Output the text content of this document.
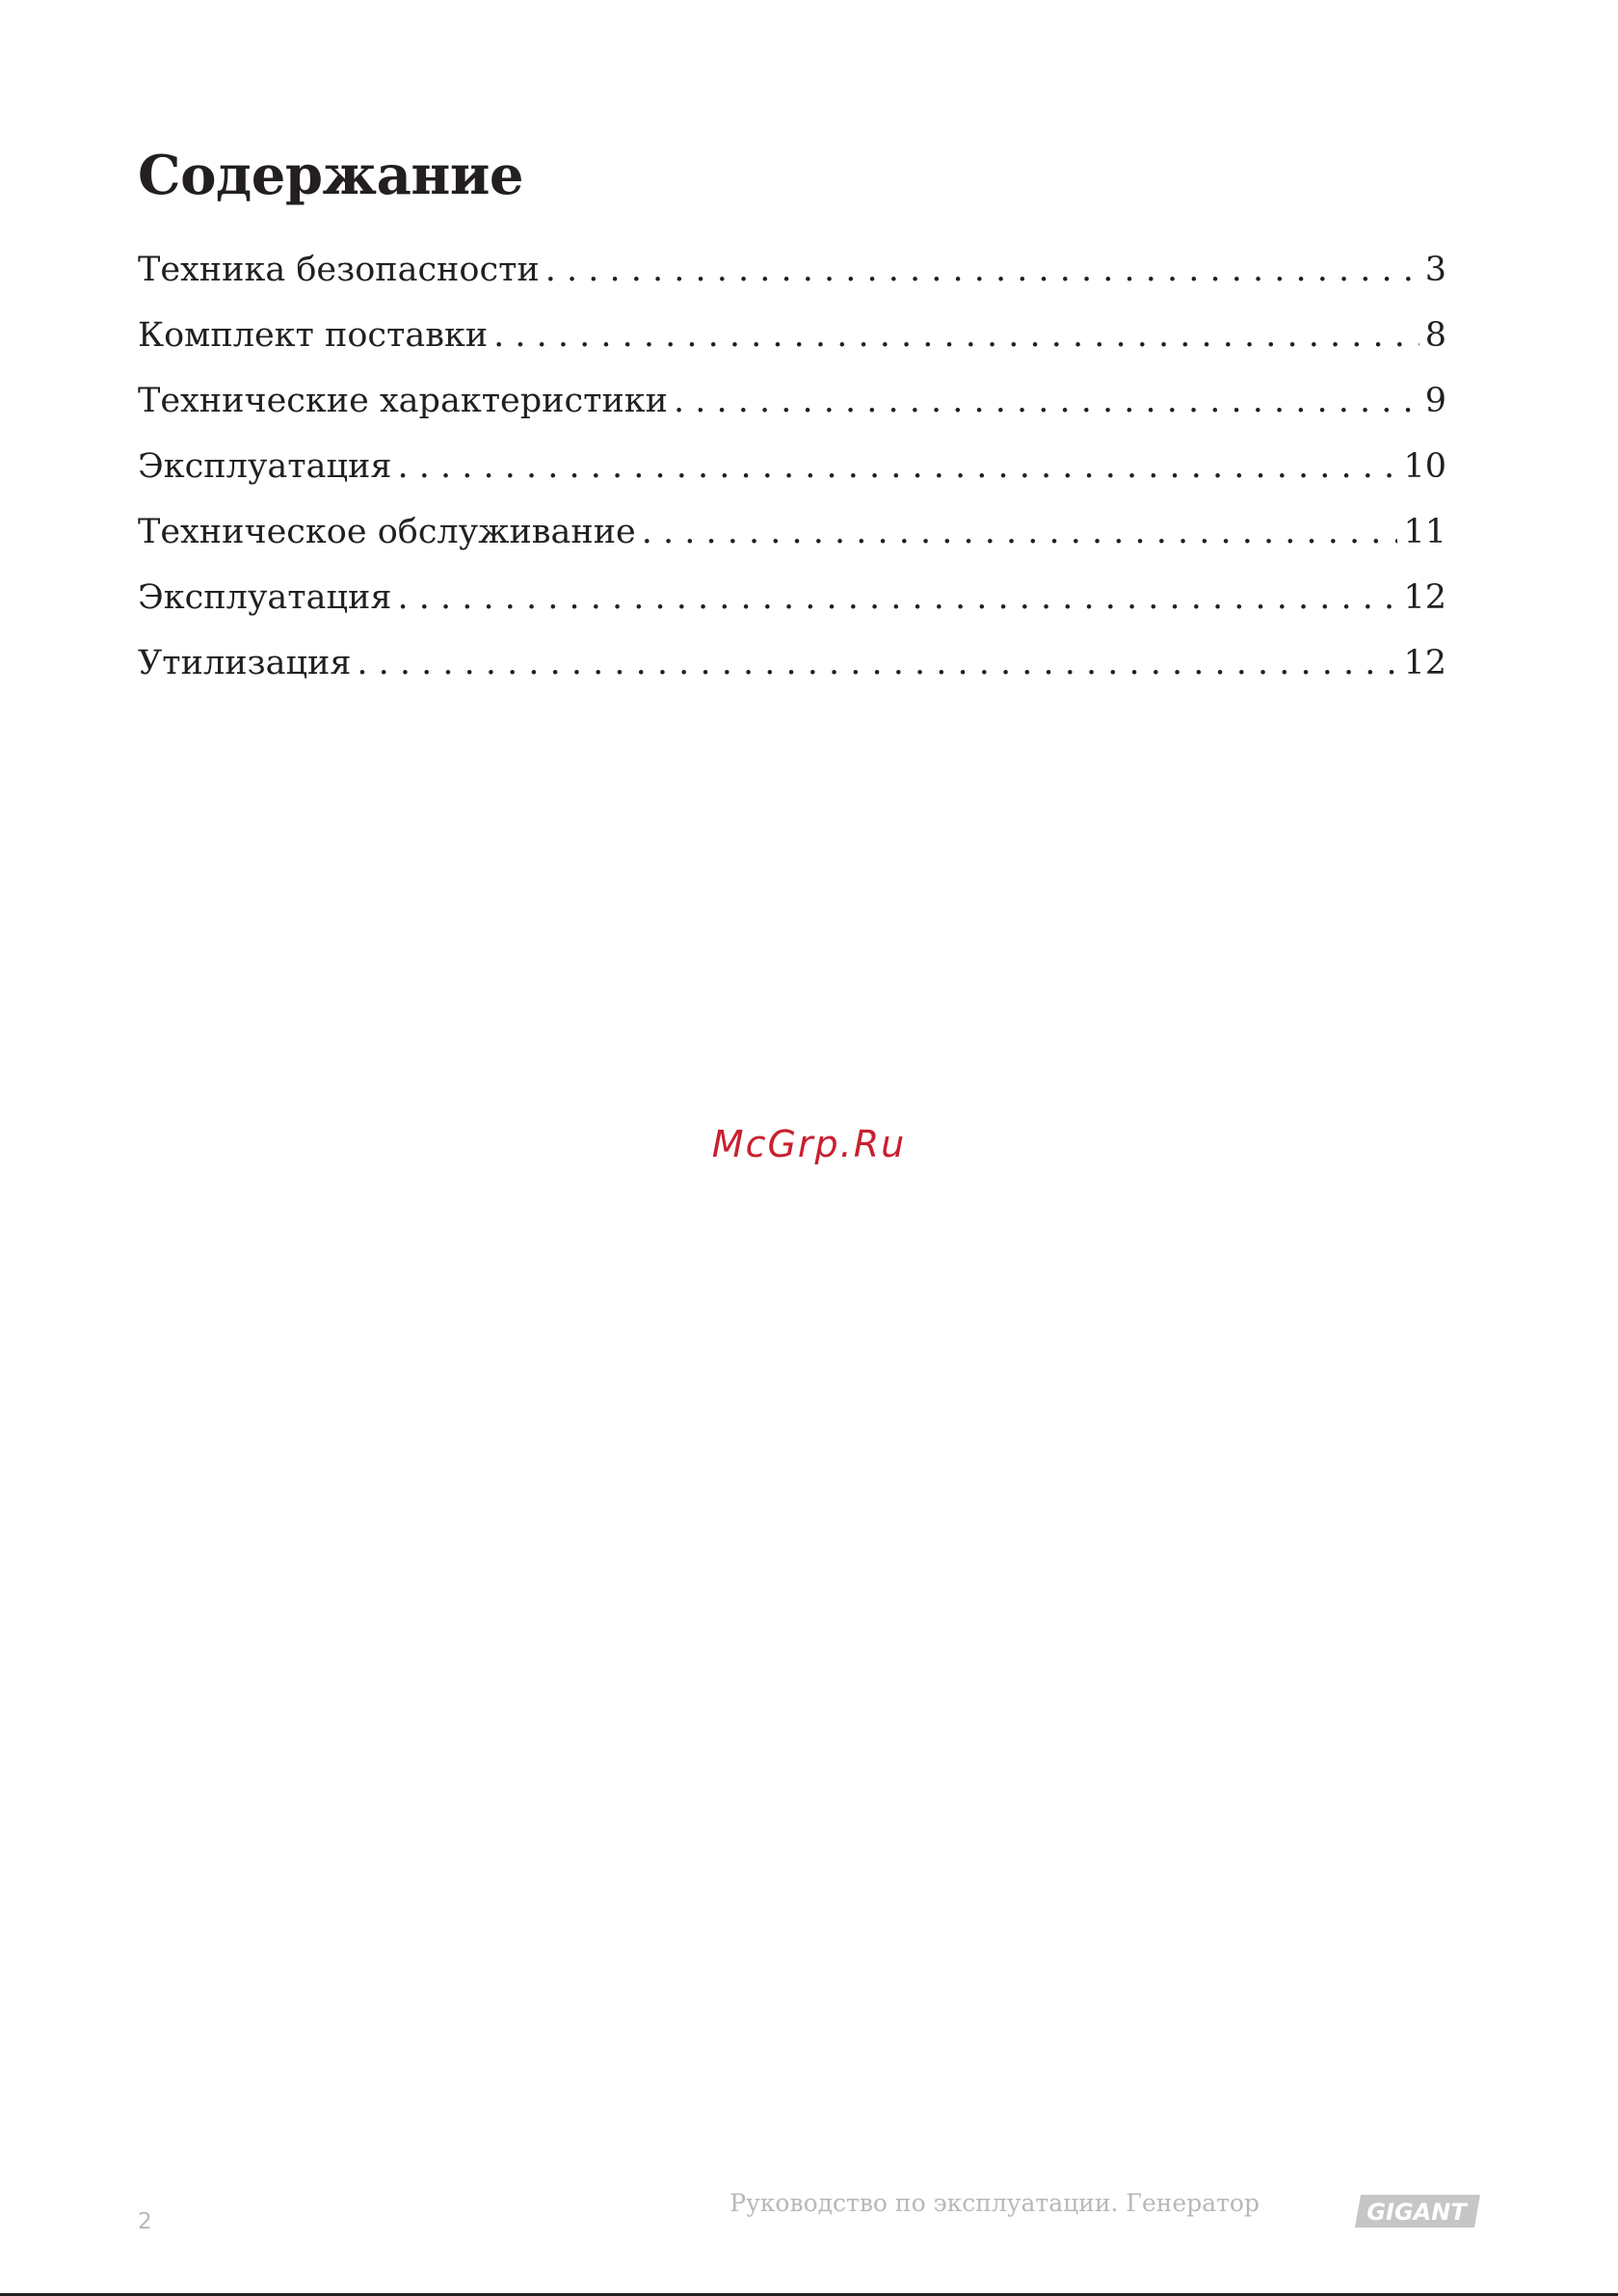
Содержание
Техника безопасности . . .	3
Комплект поставки . . .	8
Технические характеристики . . .	9
Эксплуатация . . .	10
Техническое обслуживание . . .	11
Эксплуатация . . .	12
Утилизация . . .	12
McGrp.Ru
2
Руководство по эксплуатации. Генератор	GIGANT
